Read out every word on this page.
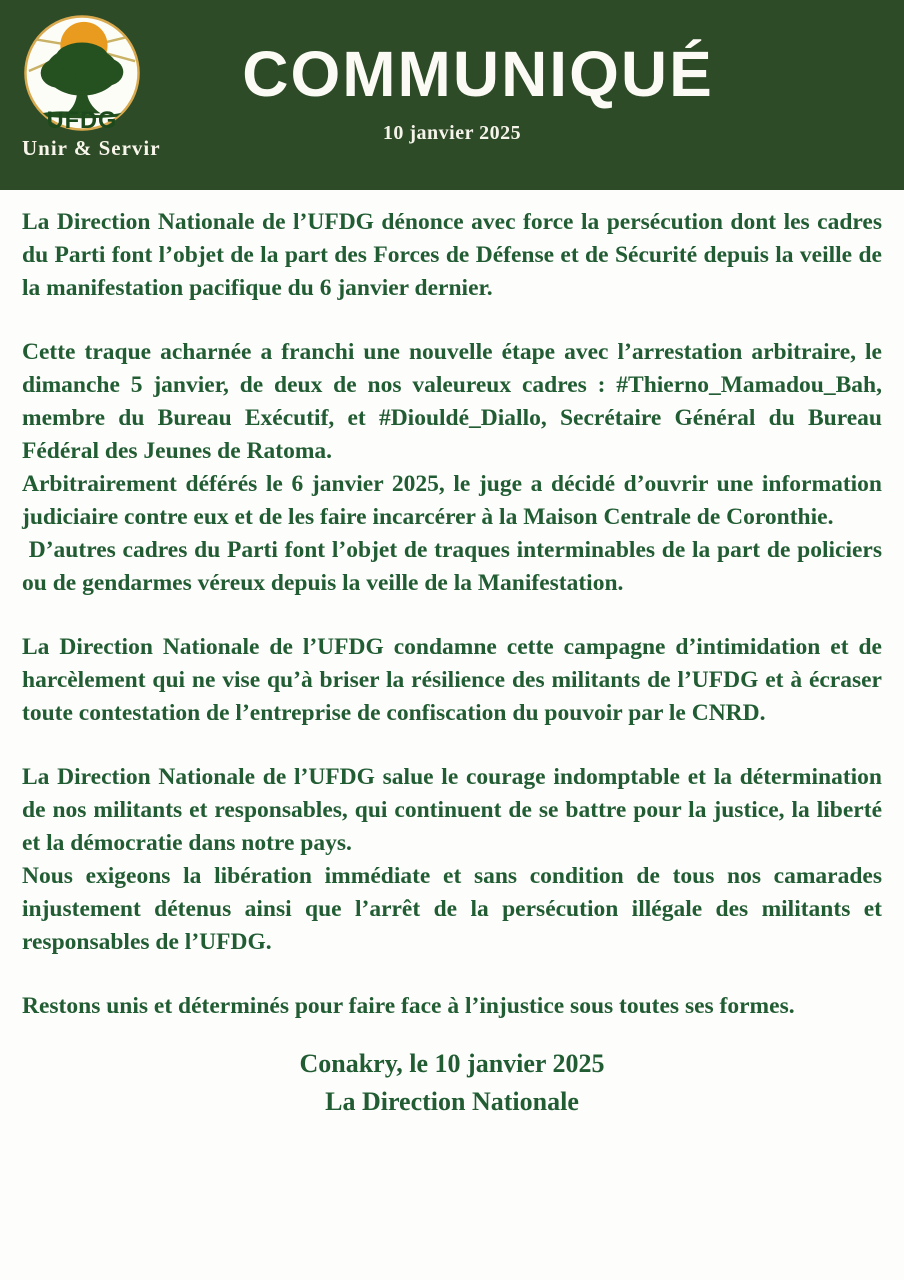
UFDG
Unir & Servir
COMMUNIQUÉ
10 janvier 2025

La Direction Nationale de l’UFDG dénonce avec force la persécution dont les cadres du Parti font l’objet de la part des Forces de Défense et de Sécurité depuis la veille de la manifestation pacifique du 6 janvier dernier.

Cette traque acharnée a franchi une nouvelle étape avec l’arrestation arbitraire, le dimanche 5 janvier, de deux de nos valeureux cadres : #Thierno_Mamadou_Bah, membre du Bureau Exécutif, et #Diouldé_Diallo, Secrétaire Général du Bureau Fédéral des Jeunes de Ratoma.

Arbitrairement déférés le 6 janvier 2025, le juge a décidé d’ouvrir une information judiciaire contre eux et de les faire incarcérer à la Maison Centrale de Coronthie.

D’autres cadres du Parti font l’objet de traques interminables de la part de policiers ou de gendarmes véreux depuis la veille de la Manifestation.

La Direction Nationale de l’UFDG condamne cette campagne d’intimidation et de harcèlement qui ne vise qu’à briser la résilience des militants de l’UFDG et à écraser toute contestation de l’entreprise de confiscation du pouvoir par le CNRD.

La Direction Nationale de l’UFDG salue le courage indomptable et la détermination de nos militants et responsables, qui continuent de se battre pour la justice, la liberté et la démocratie dans notre pays.

Nous exigeons la libération immédiate et sans condition de tous nos camarades injustement détenus ainsi que l’arrêt de la persécution illégale des militants et responsables de l’UFDG.

Restons unis et déterminés pour faire face à l’injustice sous toutes ses formes.

Conakry, le 10 janvier 2025
La Direction Nationale
